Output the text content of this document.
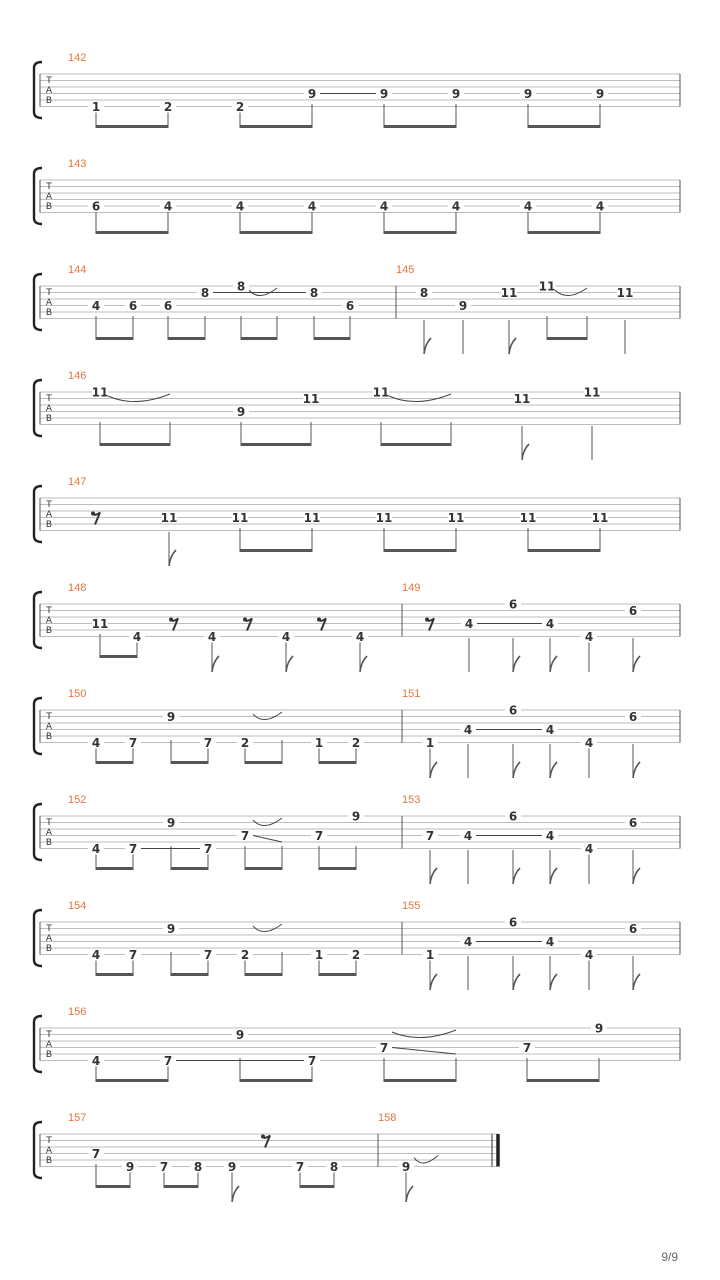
T
A
B
142
1	2	2
9	9	9	9	9
T
A
B
143
6	4	4	4	4	4	4	4
T
A
B
144	145
4 6 6
8 8	8
6
8
9
11 11	11
T
A
B
146
11
9
11	11	11	11
T
A
B
147
11	11	11	11	11	11	11
T
A
B
148	149
11
4	4	4	4
4
6
4
4
6
T
A
B
150	151
4 7
9
7 2	1 2	1
4
6
4
4
6
T
A
B
152	153
4 7
9
7
7	7
9
7 4
6
4
4
6
T
A
B
154	155
4 7
9
7 2	1 2	1
4
6
4
4
6
T
A
B
156
4	7
9
7
7	7
9
T
A
B
157	158
7
9 7 8 9	7 8	9
9/9
